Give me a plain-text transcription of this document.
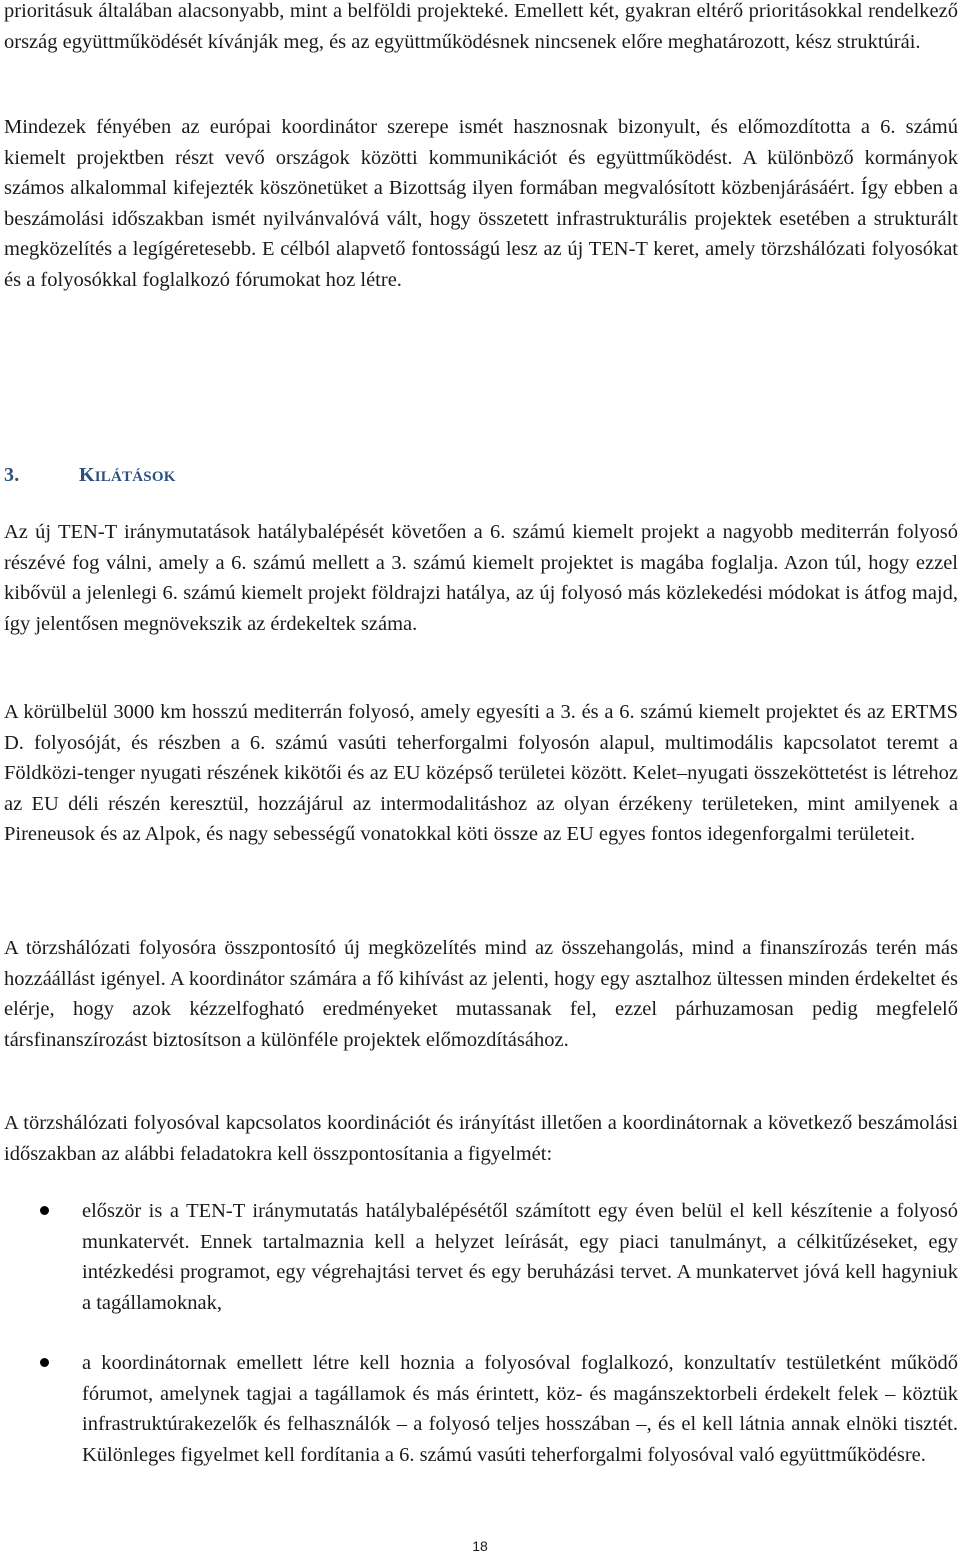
prioritásuk általában alacsonyabb, mint a belföldi projekteké. Emellett két, gyakran eltérő prioritásokkal rendelkező ország együttműködését kívánják meg, és az együttműködésnek nincsenek előre meghatározott, kész struktúrái.

Mindezek fényében az európai koordinátor szerepe ismét hasznosnak bizonyult, és előmozdította a 6. számú kiemelt projektben részt vevő országok közötti kommunikációt és együttműködést. A különböző kormányok számos alkalommal kifejezték köszönetüket a Bizottság ilyen formában megvalósított közbenjárásáért. Így ebben a beszámolási időszakban ismét nyilvánvalóvá vált, hogy összetett infrastrukturális projektek esetében a strukturált megközelítés a legígéretesebb. E célból alapvető fontosságú lesz az új TEN-T keret, amely törzshálózati folyosókat és a folyosókkal foglalkozó fórumokat hoz létre.

3.	KILÁTÁSOK

Az új TEN-T iránymutatások hatálybalépését követően a 6. számú kiemelt projekt a nagyobb mediterrán folyosó részévé fog válni, amely a 6. számú mellett a 3. számú kiemelt projektet is magába foglalja. Azon túl, hogy ezzel kibővül a jelenlegi 6. számú kiemelt projekt földrajzi hatálya, az új folyosó más közlekedési módokat is átfog majd, így jelentősen megnövekszik az érdekeltek száma.

A körülbelül 3000 km hosszú mediterrán folyosó, amely egyesíti a 3. és a 6. számú kiemelt projektet és az ERTMS D. folyosóját, és részben a 6. számú vasúti teherforgalmi folyosón alapul, multimodális kapcsolatot teremt a Földközi-tenger nyugati részének kikötői és az EU középső területei között. Kelet–nyugati összeköttetést is létrehoz az EU déli részén keresztül, hozzájárul az intermodalitáshoz az olyan érzékeny területeken, mint amilyenek a Pireneusok és az Alpok, és nagy sebességű vonatokkal köti össze az EU egyes fontos idegenforgalmi területeit.

A törzshálózati folyosóra összpontosító új megközelítés mind az összehangolás, mind a finanszírozás terén más hozzáállást igényel. A koordinátor számára a fő kihívást az jelenti, hogy egy asztalhoz ültessen minden érdekeltet és elérje, hogy azok kézzelfogható eredményeket mutassanak fel, ezzel párhuzamosan pedig megfelelő társfinanszírozást biztosítson a különféle projektek előmozdításához.

A törzshálózati folyosóval kapcsolatos koordinációt és irányítást illetően a koordinátornak a következő beszámolási időszakban az alábbi feladatokra kell összpontosítania a figyelmét:

először is a TEN-T iránymutatás hatálybalépésétől számított egy éven belül el kell készítenie a folyosó munkatervét. Ennek tartalmaznia kell a helyzet leírását, egy piaci tanulmányt, a célkitűzéseket, egy intézkedési programot, egy végrehajtási tervet és egy beruházási tervet. A munkatervet jóvá kell hagyniuk a tagállamoknak,
a koordinátornak emellett létre kell hoznia a folyosóval foglalkozó, konzultatív testületként működő fórumot, amelynek tagjai a tagállamok és más érintett, köz- és magánszektorbeli érdekelt felek – köztük infrastruktúrakezelők és felhasználók – a folyosó teljes hosszában –, és el kell látnia annak elnöki tisztét. Különleges figyelmet kell fordítania a 6. számú vasúti teherforgalmi folyosóval való együttműködésre.
18
